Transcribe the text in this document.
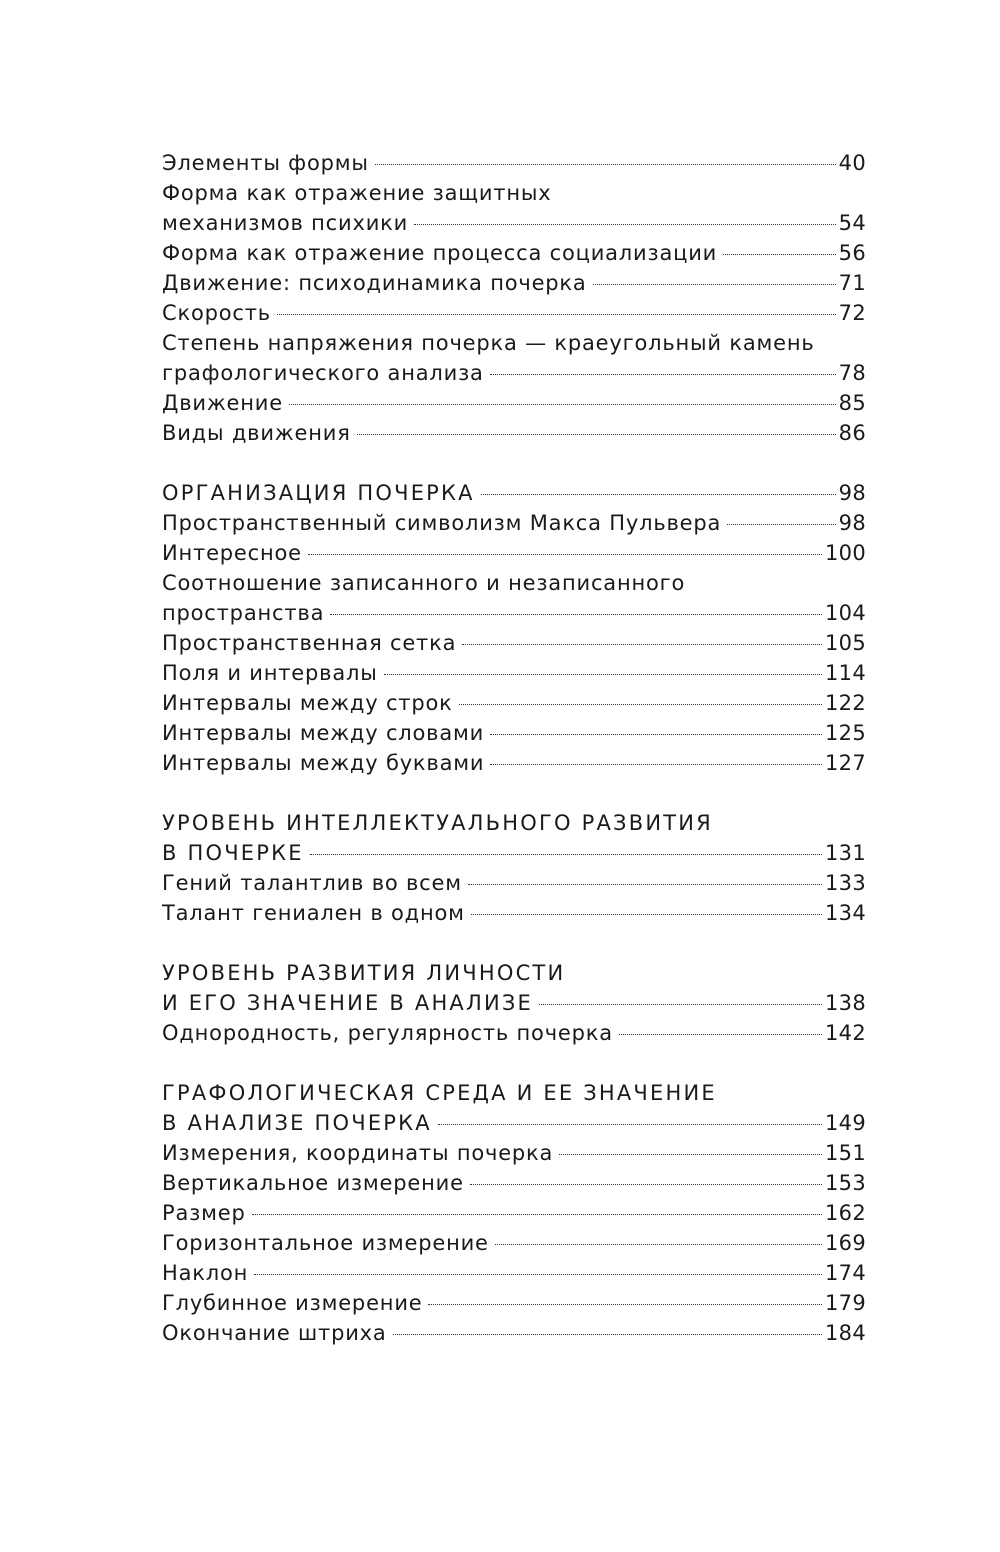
Элементы формы	40
Форма как отражение защитных
механизмов психики	54
Форма как отражение процесса социализации	56
Движение: психодинамика почерка	71
Скорость	72
Степень напряжения почерка — краеугольный камень
графологического анализа	78
Движение	85
Виды движения	86
ОРГАНИЗАЦИЯ ПОЧЕРКА	98
Пространственный символизм Макса Пульвера	98
Интересное	100
Соотношение записанного и незаписанного
пространства	104
Пространственная сетка	105
Поля и интервалы	114
Интервалы между строк	122
Интервалы между словами	125
Интервалы между буквами	127
УРОВЕНЬ ИНТЕЛЛЕКТУАЛЬНОГО РАЗВИТИЯ
В ПОЧЕРКЕ	131
Гений талантлив во всем	133
Талант гениален в одном	134
УРОВЕНЬ РАЗВИТИЯ ЛИЧНОСТИ
И ЕГО ЗНАЧЕНИЕ В АНАЛИЗЕ	138
Однородность, регулярность почерка	142
ГРАФОЛОГИЧЕСКАЯ СРЕДА И ЕЕ ЗНАЧЕНИЕ
В АНАЛИЗЕ ПОЧЕРКА	149
Измерения, координаты почерка	151
Вертикальное измерение	153
Размер	162
Горизонтальное измерение	169
Наклон	174
Глубинное измерение	179
Окончание штриха	184
